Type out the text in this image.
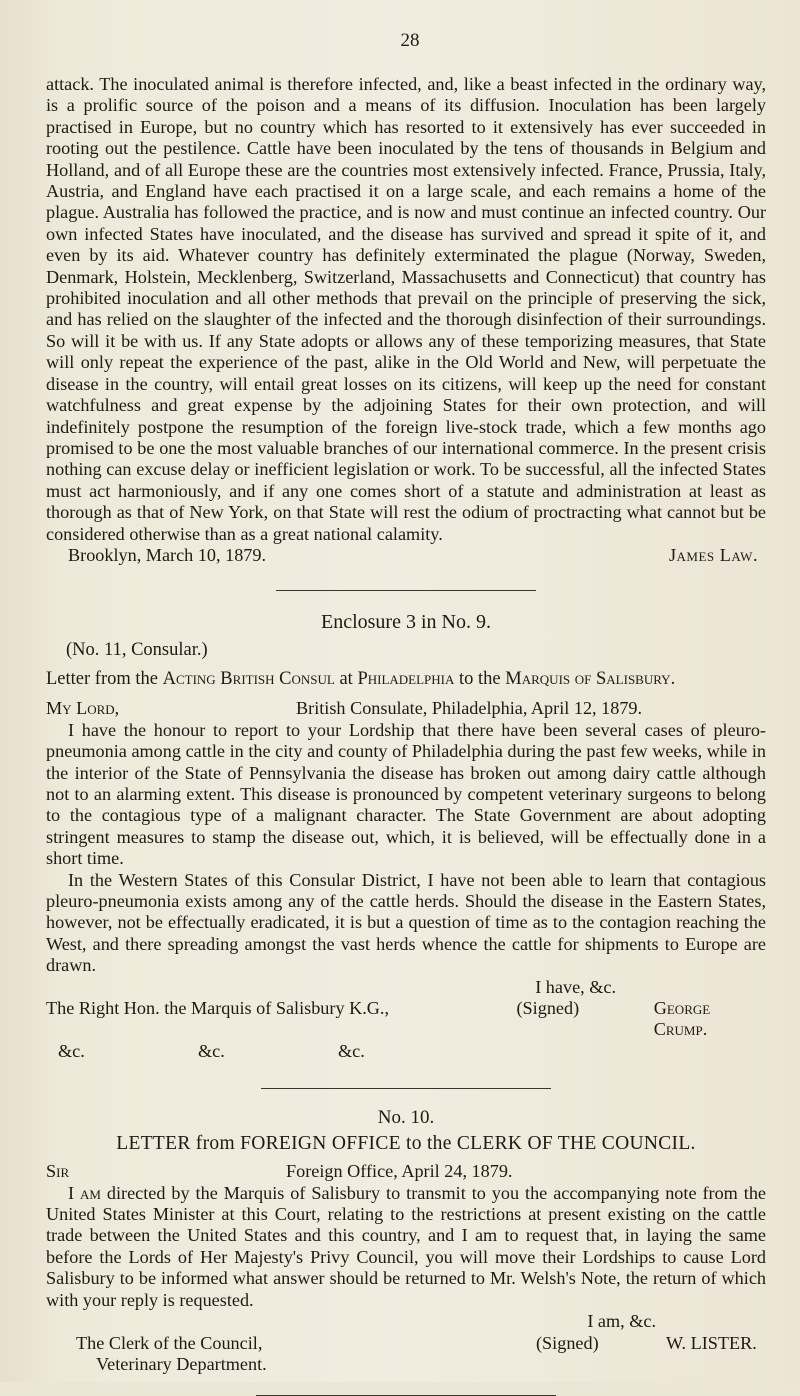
28

attack. The inoculated animal is therefore infected, and, like a beast infected in the ordinary way, is a prolific source of the poison and a means of its diffusion. Inoculation has been largely practised in Europe, but no country which has resorted to it extensively has ever succeeded in rooting out the pestilence. Cattle have been inoculated by the tens of thousands in Belgium and Holland, and of all Europe these are the countries most extensively infected. France, Prussia, Italy, Austria, and England have each practised it on a large scale, and each remains a home of the plague. Australia has followed the practice, and is now and must continue an infected country. Our own infected States have inoculated, and the disease has survived and spread it spite of it, and even by its aid. Whatever country has definitely exterminated the plague (Norway, Sweden, Denmark, Holstein, Mecklenberg, Switzerland, Massachusetts and Connecticut) that country has prohibited inoculation and all other methods that prevail on the principle of preserving the sick, and has relied on the slaughter of the infected and the thorough disinfection of their surroundings. So will it be with us. If any State adopts or allows any of these temporizing measures, that State will only repeat the experience of the past, alike in the Old World and New, will perpetuate the disease in the country, will entail great losses on its citizens, will keep up the need for constant watchfulness and great expense by the adjoining States for their own protection, and will indefinitely postpone the resumption of the foreign live-stock trade, which a few months ago promised to be one the most valuable branches of our international commerce. In the present crisis nothing can excuse delay or inefficient legislation or work. To be successful, all the infected States must act harmoniously, and if any one comes short of a statute and administration at least as thorough as that of New York, on that State will rest the odium of proctracting what cannot but be considered otherwise than as a great national calamity.

Brooklyn, March 10, 1879.	James Law.
Enclosure 3 in No. 9.
(No. 11, Consular.)
Letter from the Acting British Consul at Philadelphia to the Marquis of Salisbury.
My Lord,	British Consulate, Philadelphia, April 12, 1879.

I have the honour to report to your Lordship that there have been several cases of pleuro-pneumonia among cattle in the city and county of Philadelphia during the past few weeks, while in the interior of the State of Pennsylvania the disease has broken out among dairy cattle although not to an alarming extent. This disease is pronounced by competent veterinary surgeons to belong to the contagious type of a malignant character. The State Government are about adopting stringent measures to stamp the disease out, which, it is believed, will be effectually done in a short time.

In the Western States of this Consular District, I have not been able to learn that contagious pleuro-pneumonia exists among any of the cattle herds. Should the disease in the Eastern States, however, not be effectually eradicated, it is but a question of time as to the contagion reaching the West, and there spreading amongst the vast herds whence the cattle for shipments to Europe are drawn.

I have, &c.
The Right Hon. the Marquis of Salisbury K.G.,	(Signed)	George Crump.
&c.	&c.	&c.
No. 10.
LETTER from FOREIGN OFFICE to the CLERK OF THE COUNCIL.
Sir	Foreign Office, April 24, 1879.

I am directed by the Marquis of Salisbury to transmit to you the accompanying note from the United States Minister at this Court, relating to the restrictions at present existing on the cattle trade between the United States and this country, and I am to request that, in laying the same before the Lords of Her Majesty's Privy Council, you will move their Lordships to cause Lord Salisbury to be informed what answer should be returned to Mr. Welsh's Note, the return of which with your reply is requested.

I am, &c.
The Clerk of the Council,	(Signed)	W. LISTER.
Veterinary Department.
